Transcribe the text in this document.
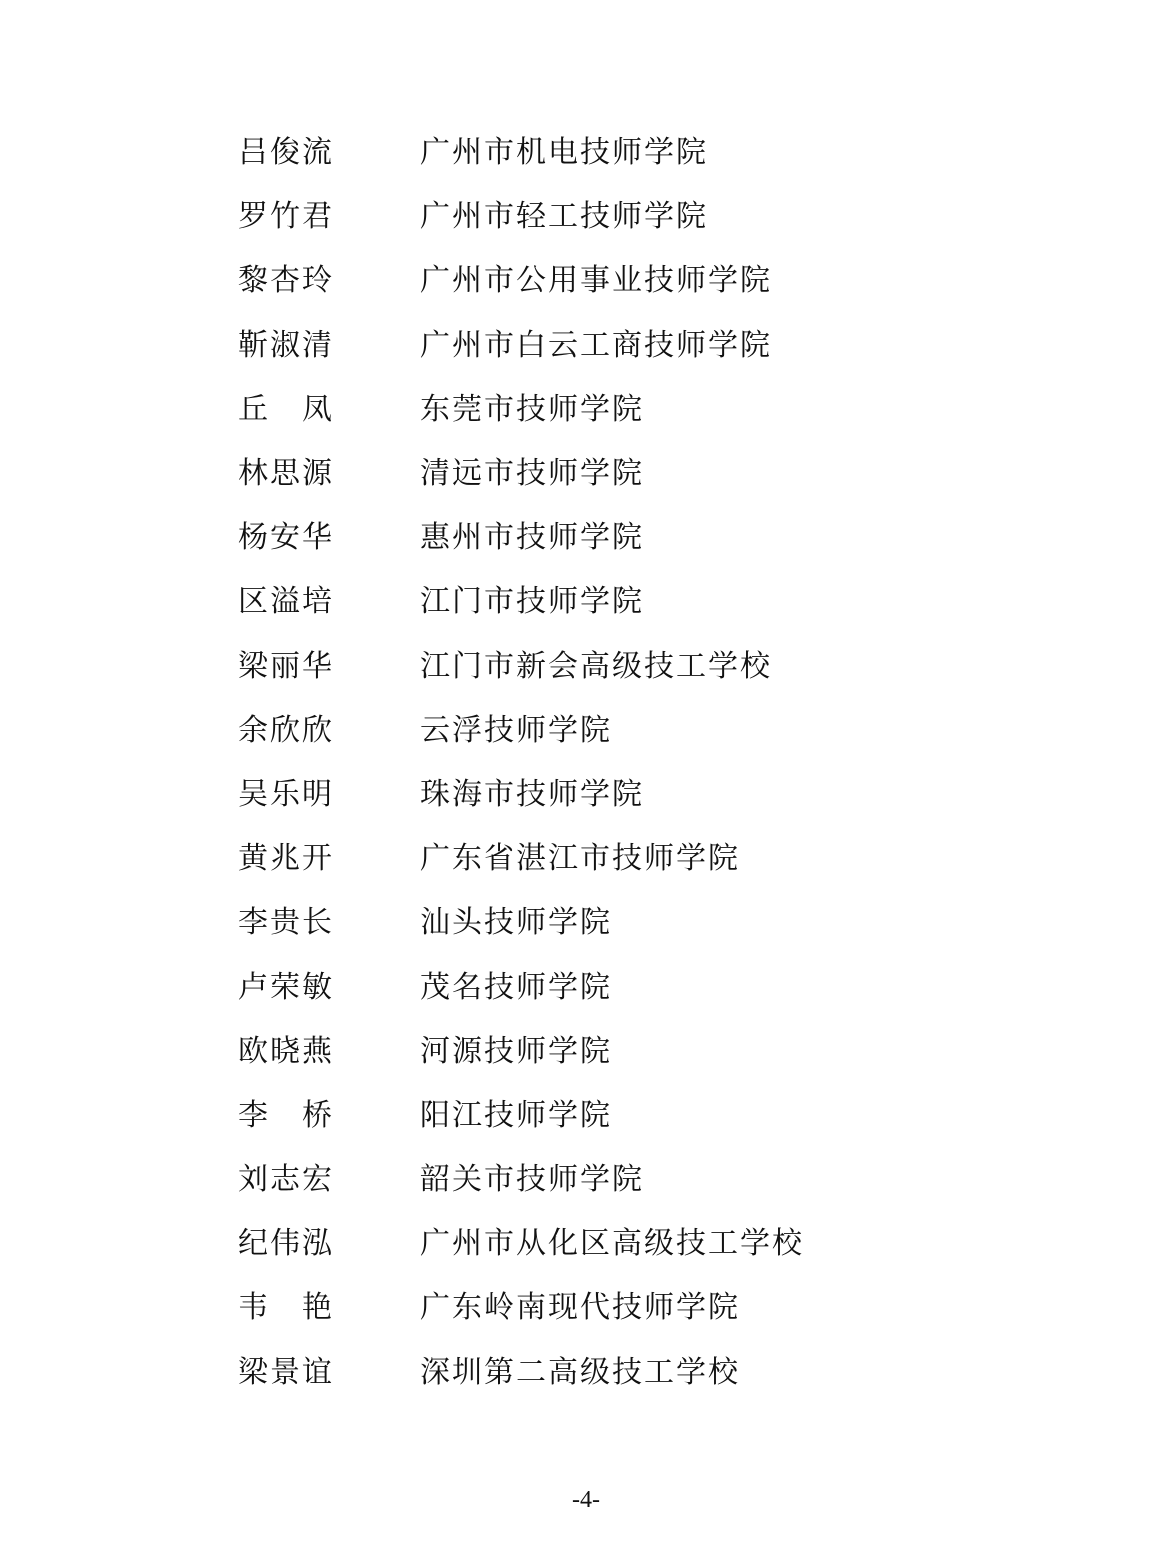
吕俊流	广州市机电技师学院
罗竹君	广州市轻工技师学院
黎杏玲	广州市公用事业技师学院
靳淑清	广州市白云工商技师学院
丘　凤	东莞市技师学院
林思源	清远市技师学院
杨安华	惠州市技师学院
区溢培	江门市技师学院
梁丽华	江门市新会高级技工学校
余欣欣	云浮技师学院
吴乐明	珠海市技师学院
黄兆开	广东省湛江市技师学院
李贵长	汕头技师学院
卢荣敏	茂名技师学院
欧晓燕	河源技师学院
李　桥	阳江技师学院
刘志宏	韶关市技师学院
纪伟泓	广州市从化区高级技工学校
韦　艳	广东岭南现代技师学院
梁景谊	深圳第二高级技工学校
-4-
